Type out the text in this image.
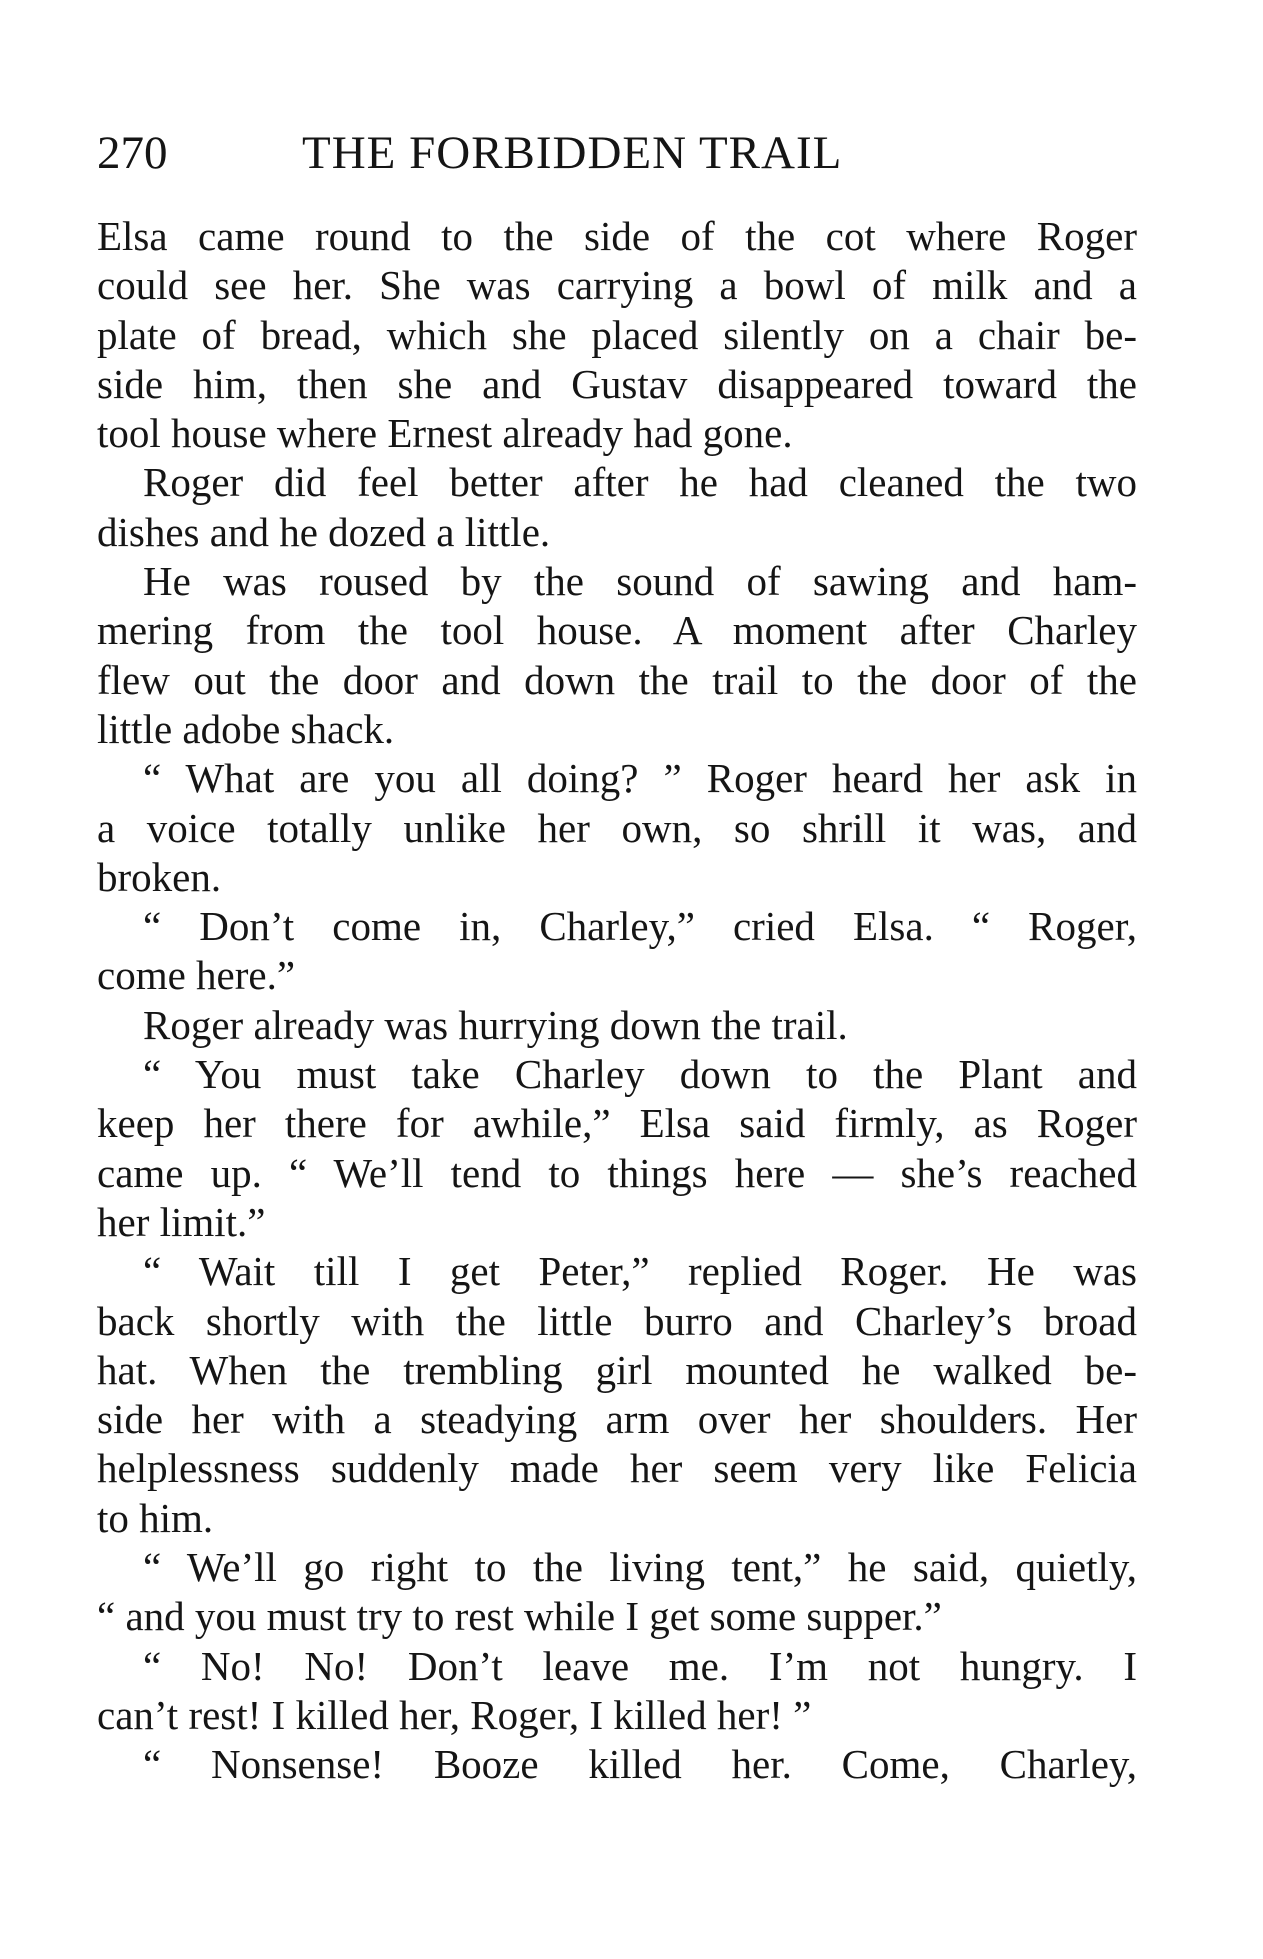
270	THE FORBIDDEN TRAIL
Elsa came round to the side of the cot where Roger
could see her. She was carrying a bowl of milk and a
plate of bread, which she placed silently on a chair be-
side him, then she and Gustav disappeared toward the
tool house where Ernest already had gone.
Roger did feel better after he had cleaned the two
dishes and he dozed a little.
He was roused by the sound of sawing and ham-
mering from the tool house. A moment after Charley
flew out the door and down the trail to the door of the
little adobe shack.
“ What are you all doing? ” Roger heard her ask in
a voice totally unlike her own, so shrill it was, and
broken.
“ Don’t come in, Charley,” cried Elsa. “ Roger,
come here.”
Roger already was hurrying down the trail.
“ You must take Charley down to the Plant and
keep her there for awhile,” Elsa said firmly, as Roger
came up. “ We’ll tend to things here — she’s reached
her limit.”
“ Wait till I get Peter,” replied Roger. He was
back shortly with the little burro and Charley’s broad
hat. When the trembling girl mounted he walked be-
side her with a steadying arm over her shoulders. Her
helplessness suddenly made her seem very like Felicia
to him.
“ We’ll go right to the living tent,” he said, quietly,
“ and you must try to rest while I get some supper.”
“ No! No! Don’t leave me. I’m not hungry. I
can’t rest! I killed her, Roger, I killed her! ”
“ Nonsense! Booze killed her. Come, Charley,
